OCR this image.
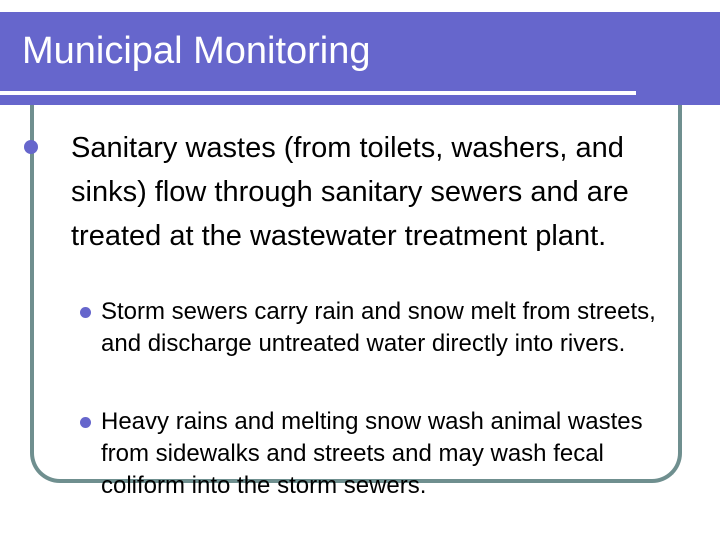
Municipal Monitoring
Sanitary wastes (from toilets, washers, and sinks) flow through sanitary sewers and are treated at the wastewater treatment plant.
Storm sewers carry rain and snow melt from streets, and discharge untreated water directly into rivers.
Heavy rains and melting snow wash animal wastes from sidewalks and streets and may wash fecal coliform into the storm sewers.
